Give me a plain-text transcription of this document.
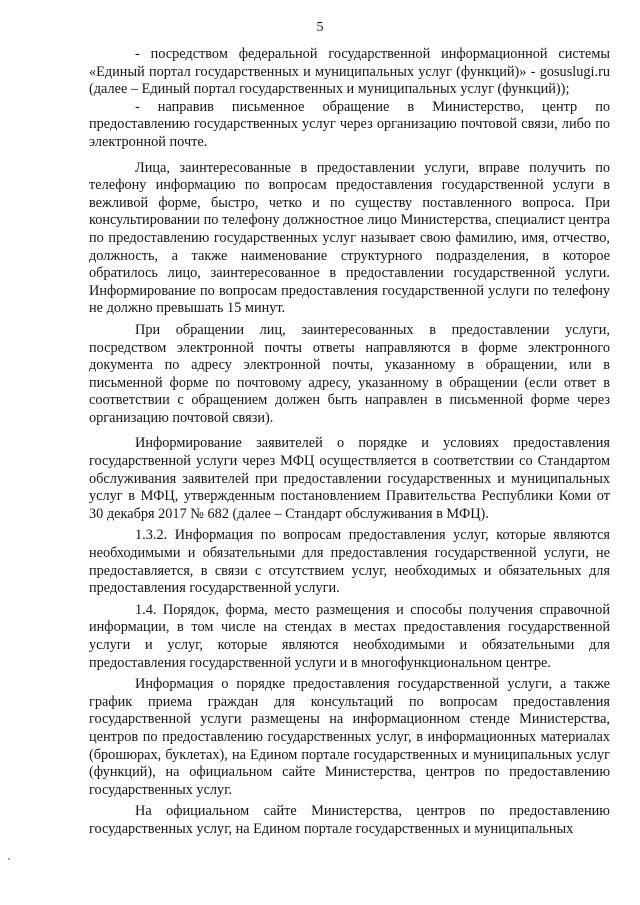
5

- посредством федеральной государственной информационной системы «Единый портал государственных и муниципальных услуг (функций)» - gosuslugi.ru (далее – Единый портал государственных и муниципальных услуг (функций));

- направив письменное обращение в Министерство, центр по предоставлению государственных услуг через организацию почтовой связи, либо по электронной почте.

Лица, заинтересованные в предоставлении услуги, вправе получить по телефону информацию по вопросам предоставления государственной услуги в вежливой форме, быстро, четко и по существу поставленного вопроса. При консультировании по телефону должностное лицо Министерства, специалист центра по предоставлению государственных услуг называет свою фамилию, имя, отчество, должность, а также наименование структурного подразделения, в которое обратилось лицо, заинтересованное в предоставлении государственной услуги. Информирование по вопросам предоставления государственной услуги по телефону не должно превышать 15 минут.

При обращении лиц, заинтересованных в предоставлении услуги, посредством электронной почты ответы направляются в форме электронного документа по адресу электронной почты, указанному в обращении, или в письменной форме по почтовому адресу, указанному в обращении (если ответ в соответствии с обращением должен быть направлен в письменной форме через организацию почтовой связи).

Информирование заявителей о порядке и условиях предоставления государственной услуги через МФЦ осуществляется в соответствии со Стандартом обслуживания заявителей при предоставлении государственных и муниципальных услуг в МФЦ, утвержденным постановлением Правительства Республики Коми от 30 декабря 2017 № 682 (далее – Стандарт обслуживания в МФЦ).

1.3.2. Информация по вопросам предоставления услуг, которые являются необходимыми и обязательными для предоставления государственной услуги, не предоставляется, в связи с отсутствием услуг, необходимых и обязательных для предоставления государственной услуги.

1.4. Порядок, форма, место размещения и способы получения справочной информации, в том числе на стендах в местах предоставления государственной услуги и услуг, которые являются необходимыми и обязательными для предоставления государственной услуги и в многофункциональном центре.

Информация о порядке предоставления государственной услуги, а также график приема граждан для консультаций по вопросам предоставления государственной услуги размещены на информационном стенде Министерства, центров по предоставлению государственных услуг, в информационных материалах (брошюрах, буклетах), на Едином портале государственных и муниципальных услуг (функций), на официальном сайте Министерства, центров по предоставлению государственных услуг.

На официальном сайте Министерства, центров по предоставлению государственных услуг, на Едином портале государственных и муниципальных
